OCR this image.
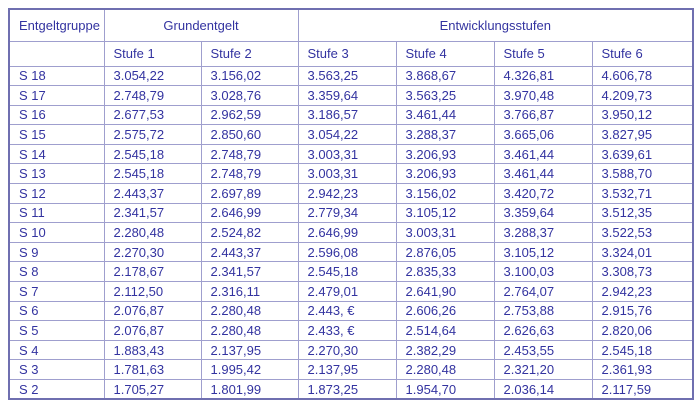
Entgeltgruppe	Grundentgelt		Entwicklungsstufen			
	Stufe 1	Stufe 2	Stufe 3	Stufe 4	Stufe 5	Stufe 6
S 18	3.054,22	3.156,02	3.563,25	3.868,67	4.326,81	4.606,78
S 17	2.748,79	3.028,76	3.359,64	3.563,25	3.970,48	4.209,73
S 16	2.677,53	2.962,59	3.186,57	3.461,44	3.766,87	3.950,12
S 15	2.575,72	2.850,60	3.054,22	3.288,37	3.665,06	3.827,95
S 14	2.545,18	2.748,79	3.003,31	3.206,93	3.461,44	3.639,61
S 13	2.545,18	2.748,79	3.003,31	3.206,93	3.461,44	3.588,70
S 12	2.443,37	2.697,89	2.942,23	3.156,02	3.420,72	3.532,71
S 11	2.341,57	2.646,99	2.779,34	3.105,12	3.359,64	3.512,35
S 10	2.280,48	2.524,82	2.646,99	3.003,31	3.288,37	3.522,53
S 9	2.270,30	2.443,37	2.596,08	2.876,05	3.105,12	3.324,01
S 8	2.178,67	2.341,57	2.545,18	2.835,33	3.100,03	3.308,73
S 7	2.112,50	2.316,11	2.479,01	2.641,90	2.764,07	2.942,23
S 6	2.076,87	2.280,48	2.443, €	2.606,26	2.753,88	2.915,76
S 5	2.076,87	2.280,48	2.433, €	2.514,64	2.626,63	2.820,06
S 4	1.883,43	2.137,95	2.270,30	2.382,29	2.453,55	2.545,18
S 3	1.781,63	1.995,42	2.137,95	2.280,48	2.321,20	2.361,93
S 2	1.705,27	1.801,99	1.873,25	1.954,70	2.036,14	2.117,59
